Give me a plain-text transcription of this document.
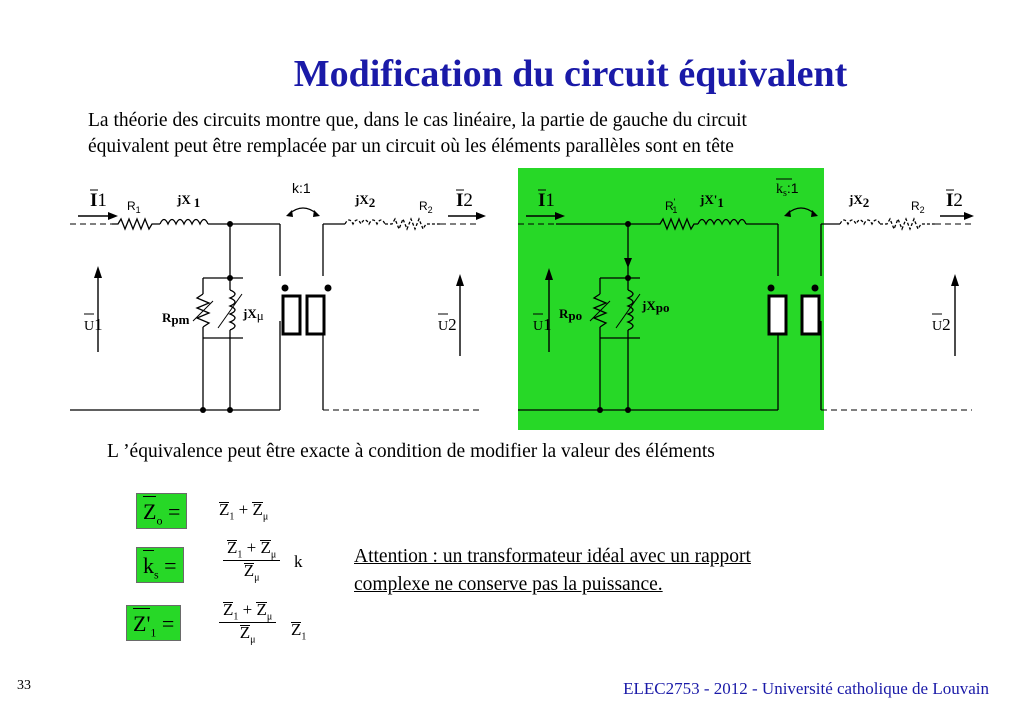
Modification du circuit équivalent
La théorie des circuits montre que, dans le cas linéaire, la partie de gauche du circuit
équivalent peut être remplacée par un circuit où les éléments parallèles sont en tête
I1 $R_1$
jX 1
k:1
jX2	$R_2$ I2
Rpm	jXμ
U1	U2
I1	R' 1
jX'1
$k_s:1$
jX2	$R_2$ I2
Rpo
jXpo
U1	U2
L ’équivalence peut être exacte à condition de modifier la valeur des éléments
$Z_o$ =	$Z_1 + Z_\mu$
$k_s$ =	$\frac{Z_1 + Z_\mu}{Z_\mu}$ k
$Z'_1$ =	$\frac{Z_1 + Z_\mu}{Z_\mu} Z_1$
Attention : un transformateur idéal avec un rapport
complexe ne conserve pas la puissance.
33	ELEC2753 - 2012 - Université catholique de Louvain
